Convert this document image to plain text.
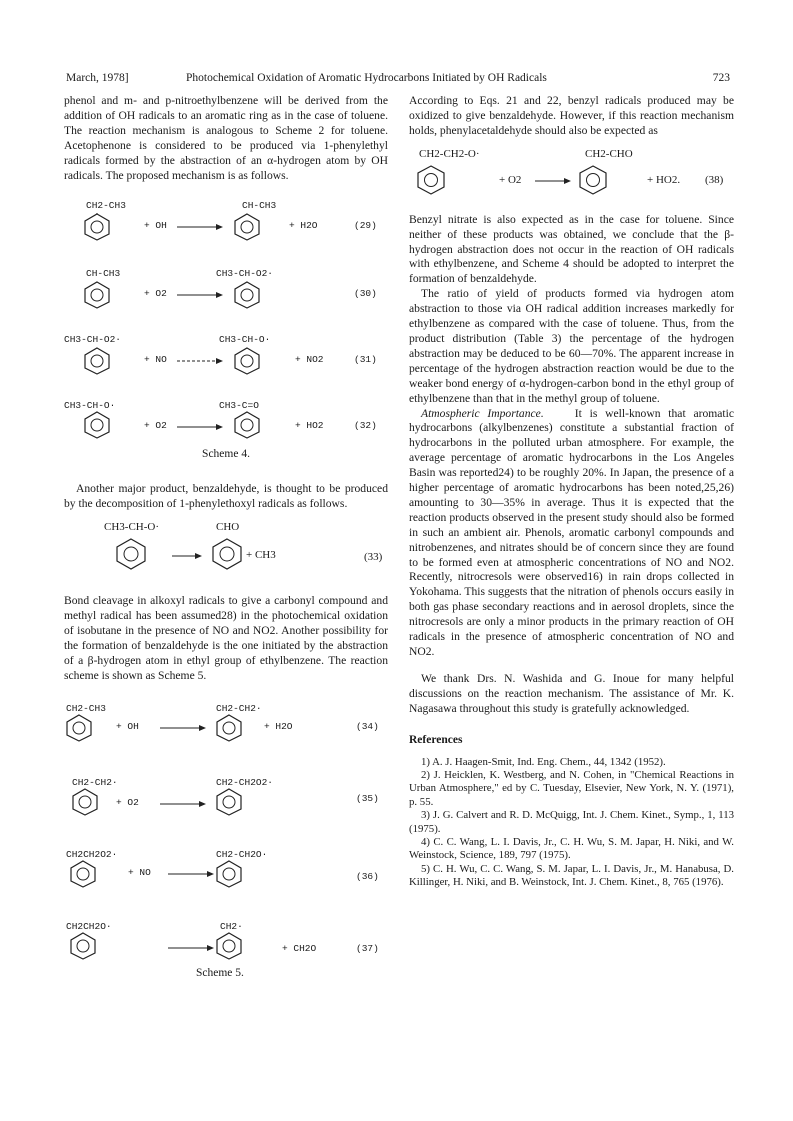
March, 1978]	Photochemical Oxidation of Aromatic Hydrocarbons Initiated by OH Radicals	723

phenol and m- and p-nitroethylbenzene will be derived from the addition of OH radicals to an aromatic ring as in the case of toluene. The reaction mechanism is analogous to Scheme 2 for toluene. Acetophenone is considered to be produced via 1-phenylethyl radicals formed by the abstraction of an α-hydrogen atom by OH radicals. The proposed mechanism is as follows.

CH2-CH3
+ OH
CH-CH3
+ H2O	(29)
CH-CH3
+ O2
CH3-CH-O2·
(30)
CH3-CH-O2·
+ NO
CH3-CH-O·
+ NO2	(31)
CH3-CH-O·
+ O2
CH3-C=O
+ HO2	(32)
Scheme 4.

Another major product, benzaldehyde, is thought to be produced by the decomposition of 1-phenylethoxyl radicals as follows.

CH3-CH-O·	CHO
+ CH3	(33)

Bond cleavage in alkoxyl radicals to give a carbonyl compound and methyl radical has been assumed28) in the photochemical oxidation of isobutane in the presence of NO and NO2. Another possibility for the formation of benzaldehyde is the one initiated by the abstraction of a β-hydrogen atom in ethyl group of ethylbenzene. The reaction scheme is shown as Scheme 5.

CH2-CH3
+ OH
CH2-CH2·
+ H2O	(34)
CH2-CH2·
+ O2
CH2-CH2O2·
(35)
CH2CH2O2·
+ NO
CH2-CH2O·
(36)
CH2CH2O·	CH2·
+ CH2O	(37)
Scheme 5.

According to Eqs. 21 and 22, benzyl radicals produced may be oxidized to give benzaldehyde. However, if this reaction mechanism holds, phenylacetaldehyde should also be expected as

CH2-CH2-O·
+ O2
CH2-CHO
+ HO2. (38)

Benzyl nitrate is also expected as in the case for toluene. Since neither of these products was obtained, we conclude that the β-hydrogen abstraction does not occur in the reaction of OH radicals with ethylbenzene, and Scheme 4 should be adopted to interpret the formation of benzaldehyde.

The ratio of yield of products formed via hydrogen atom abstraction to those via OH radical addition increases markedly for ethylbenzene as compared with the case of toluene. Thus, from the product distribution (Table 3) the percentage of the hydrogen abstraction may be deduced to be 60—70%. The apparent increase in percentage of the hydrogen abstraction reaction would be due to the weaker bond energy of α-hydrogen-carbon bond in the ethyl group of ethylbenzene than that in the methyl group of toluene.

Atmospheric Importance.	It is well-known that aromatic hydrocarbons (alkylbenzenes) constitute a substantial fraction of hydrocarbons in the polluted urban atmosphere. For example, the average percentage of aromatic hydrocarbons in the Los Angeles Basin was reported24) to be roughly 20%. In Japan, the presence of a higher percentage of aromatic hydrocarbons has been noted,25,26) amounting to 30—35% in average. Thus it is expected that the reaction products observed in the present study should also be formed in such an ambient air. Phenols, aromatic carbonyl compounds and nitrobenzenes, and nitrates should be of concern since they are found to be formed even at atmospheric concentrations of NO and NO2. Recently, nitrocresols were observed16) in rain drops collected in Yokohama. This suggests that the nitration of phenols occurs easily in both gas phase secondary reactions and in aerosol droplets, since the nitrocresols are only a minor products in the primary reaction of OH radicals in the presence of atmospheric concentration of NO and NO2.

We thank Drs. N. Washida and G. Inoue for many helpful discussions on the reaction mechanism. The assistance of Mr. K. Nagasawa throughout this study is gratefully acknowledged.

References
1) A. J. Haagen-Smit, Ind. Eng. Chem., 44, 1342 (1952).
2) J. Heicklen, K. Westberg, and N. Cohen, in "Chemical Reactions in Urban Atmosphere," ed by C. Tuesday, Elsevier, New York, N. Y. (1971), p. 55.
3) J. G. Calvert and R. D. McQuigg, Int. J. Chem. Kinet., Symp., 1, 113 (1975).
4) C. C. Wang, L. I. Davis, Jr., C. H. Wu, S. M. Japar, H. Niki, and W. Weinstock, Science, 189, 797 (1975).
5) C. H. Wu, C. C. Wang, S. M. Japar, L. I. Davis, Jr., M. Hanabusa, D. Killinger, H. Niki, and B. Weinstock, Int. J. Chem. Kinet., 8, 765 (1976).
